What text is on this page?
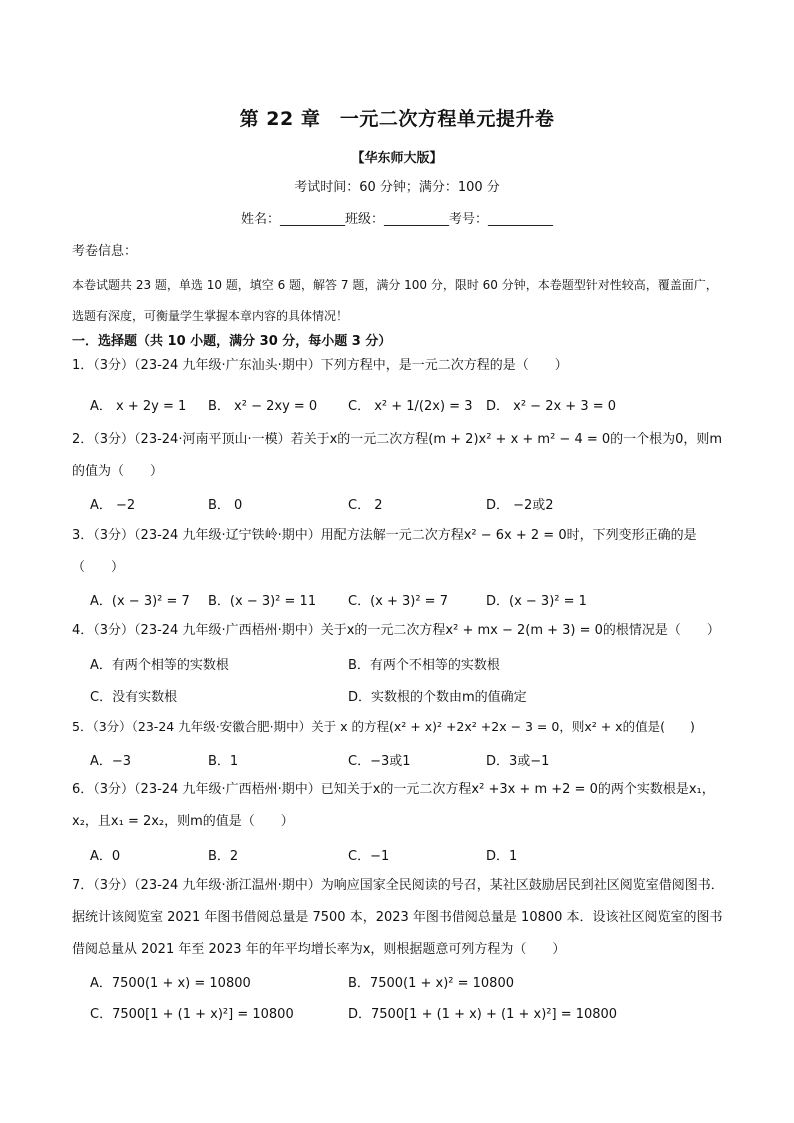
第 22 章　一元二次方程单元提升卷
【华东师大版】
考试时间：60 分钟；满分：100 分
姓名：__________班级：__________考号：__________
考卷信息：
本卷试题共 23 题，单选 10 题，填空 6 题，解答 7 题，满分 100 分，限时 60 分钟，本卷题型针对性较高，覆盖面广，选题有深度，可衡量学生掌握本章内容的具体情况！
一．选择题（共 10 小题，满分 30 分，每小题 3 分）
1．（3分）（23-24 九年级·广东汕头·期中）下列方程中，是一元二次方程的是（　　）
A． x + 2y = 1 B． x² − 2xy = 0 C． x² + 1/(2x) = 3 D． x² − 2x + 3 = 0
2．（3分）（23-24·河南平顶山·一模）若关于x的一元二次方程(m + 2)x² + x + m² − 4 = 0的一个根为0，则m的值为（　　）
A． −2	B． 0	C． 2	D． −2或2
3．（3分）（23-24 九年级·辽宁铁岭·期中）用配方法解一元二次方程x² − 6x + 2 = 0时，下列变形正确的是（　　）
A．(x − 3)² = 7 B．(x − 3)² = 11 C．(x + 3)² = 7	D．(x − 3)² = 1
4．（3分）（23-24 九年级·广西梧州·期中）关于x的一元二次方程x² + mx − 2(m + 3) = 0的根情况是（　　）
A．有两个相等的实数根	B．有两个不相等的实数根
C．没有实数根	D．实数根的个数由m的值确定
5．（3分）（23-24 九年级·安徽合肥·期中）关于 x 的方程(x² + x)² +2x² +2x − 3 = 0，则x² + x的值是(　　)
A．−3	B．1	C．−3或1	D．3或−1
6．（3分）（23-24 九年级·广西梧州·期中）已知关于x的一元二次方程x² +3x + m +2 = 0的两个实数根是x₁，x₂，且x₁ = 2x₂，则m的值是（　　）
A．0	B．2	C．−1	D．1
7．（3分）（23-24 九年级·浙江温州·期中）为响应国家全民阅读的号召，某社区鼓励居民到社区阅览室借阅图书．据统计该阅览室 2021 年图书借阅总量是 7500 本，2023 年图书借阅总量是 10800 本．设该社区阅览室的图书借阅总量从 2021 年至 2023 年的年平均增长率为x，则根据题意可列方程为（　　）
A．7500(1 + x) = 10800	B．7500(1 + x)² = 10800
C．7500[1 + (1 + x)²] = 10800	D．7500[1 + (1 + x) + (1 + x)²] = 10800
